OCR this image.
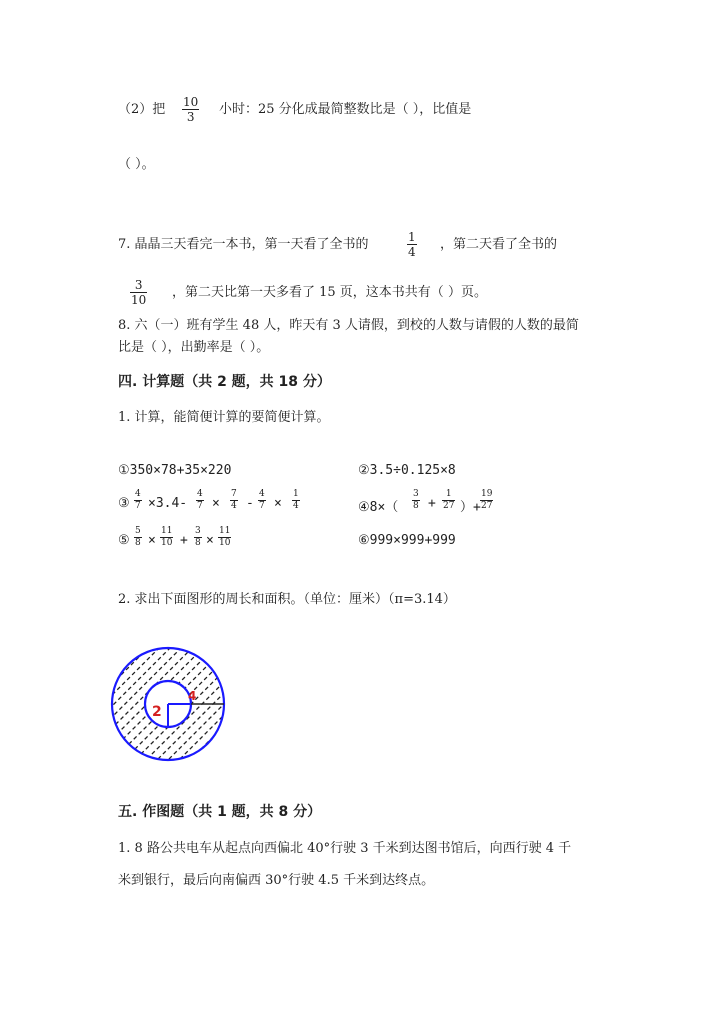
（2）把 $\frac{10}{3}$ 小时：25 分化成最简整数比是（ ），比值是
（ ）。
7. 晶晶三天看完一本书，第一天看了全书的	$\frac{1}{4}$ ，第二天看了全书的
$\frac{3}{10}$ ，第二天比第一天多看了 15 页，这本书共有（ ）页。
8. 六（一）班有学生 48 人，昨天有 3 人请假，到校的人数与请假的人数的最简
比是（ ），出勤率是（ ）。
四. 计算题（共 2 题，共 18 分）
1. 计算，能简便计算的要简便计算。
①350×78+35×220	②3.5÷0.125×8
③ $\frac{4}{7} \times 3.4- \frac{4}{7} \times \frac{7}{4} - \frac{4}{7} \times \frac{1}{4}$	④8×（ $\frac{3}{8} + \frac{1}{27}$ ）+ $\frac{19}{27}$
⑤ $\frac{5}{8} \times \frac{11}{10} + \frac{3}{8} \times \frac{11}{10}$	⑥999×999+999
2. 求出下面图形的周长和面积。（单位：厘米）（π=3.14）
2
4
五. 作图题（共 1 题，共 8 分）
1. 8 路公共电车从起点向西偏北 40°行驶 3 千米到达图书馆后，向西行驶 4 千
米到银行，最后向南偏西 30°行驶 4.5 千米到达终点。
